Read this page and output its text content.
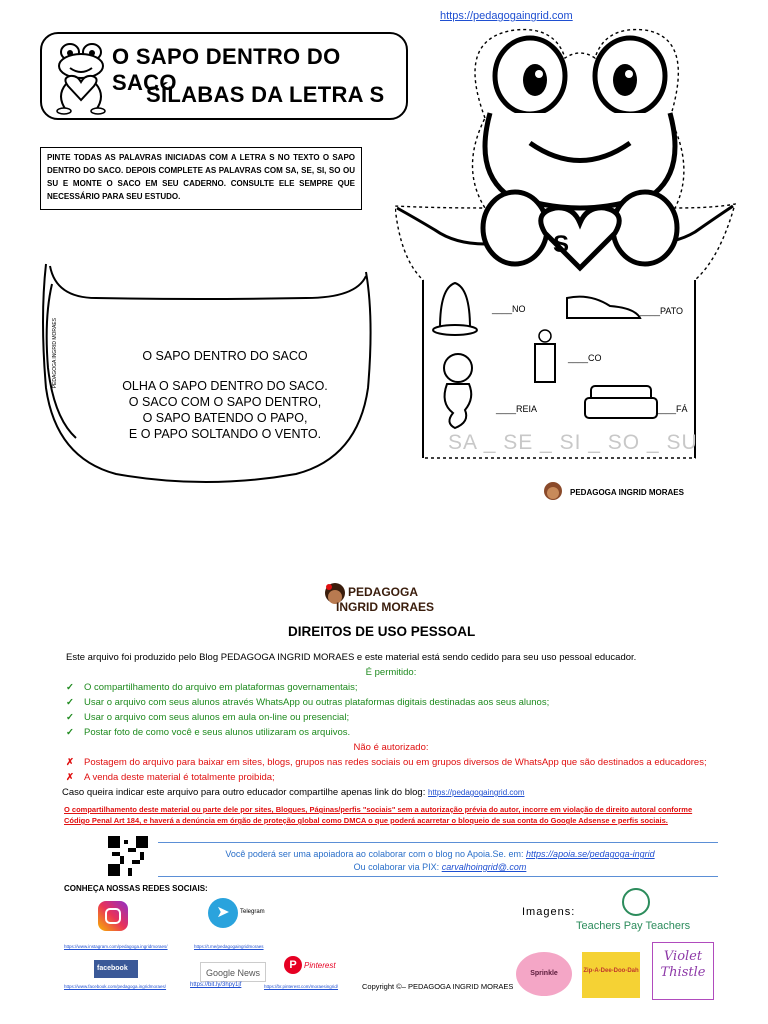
https://pedagogaingrid.com
O SAPO DENTRO DO SACO
SÍLABAS DA LETRA S
PINTE TODAS AS PALAVRAS INICIADAS COM A LETRA S NO TEXTO O SAPO DENTRO DO SACO. DEPOIS COMPLETE AS PALAVRAS COM SA, SE, SI, SO OU SU E MONTE O SACO EM SEU CADERNO. CONSULTE ELE SEMPRE QUE NECESSÁRIO PARA SEU ESTUDO.
PEDAGOGA INGRID MORAES	O SAPO DENTRO DO SACO
OLHA O SAPO DENTRO DO SACO.
O SACO COM O SAPO DENTRO,
O SAPO BATENDO O PAPO,
E O PAPO SOLTANDO O VENTO.
S
____NO	____PATO
____CO
____REIA	____FÁ
SA _ SE _ SI _ SO _ SU
PEDAGOGA INGRID MORAES
PEDAGOGA
INGRID MORAES
DIREITOS DE USO PESSOAL
Este arquivo foi produzido pelo Blog PEDAGOGA INGRID MORAES e este material está sendo cedido para seu uso pessoal educador.
É permitido:
✓	O compartilhamento do arquivo em plataformas governamentais;
✓	Usar o arquivo com seus alunos através WhatsApp ou outras plataformas digitais destinadas aos seus alunos;
✓	Usar o arquivo com seus alunos em aula on-line ou presencial;
✓	Postar foto de como você e seus alunos utilizaram os arquivos.
Não é autorizado:
✗	Postagem do arquivo para baixar em sites, blogs, grupos nas redes sociais ou em grupos diversos de WhatsApp que são destinados a educadores;
✗	A venda deste material é totalmente proibida;
Caso queira indicar este arquivo para outro educador compartilhe apenas link do blog: https://pedagogaingrid.com
O compartilhamento deste material ou parte dele por sites, Blogues, Páginas/perfis "sociais" sem a autorização prévia do autor, incorre em violação de direito autoral conforme Código Penal Art 184, e haverá a denúncia em órgão de proteção global como DMCA o que poderá acarretar o bloqueio de sua conta do Google Adsense e perfis sociais.
Você poderá ser uma apoiadora ao colaborar com o blog no Apoia.Se. em: https://apoia.se/pedagoga-ingrid
Ou colaborar via PIX: carvalhoingrid@.com
CONHEÇA NOSSAS REDES SOCIAIS:
➤	Telegram
https://www.instagram.com/pedagoga.ingridmoraes/	https://t.me/pedagogaingridmoraes
facebook	Google News
P Pinterest
https://www.facebook.com/pedagoga.ingridmoraes/	https://bit.ly/3hpy1jf	https://br.pinterest.com/moraesingrid/	Copyright ©– PEDAGOGA INGRID MORAES
Imagens:
Teachers Pay Teachers
Sprinkle	Zip-A-Dee-Doo-Dah
Violet
Thistle
